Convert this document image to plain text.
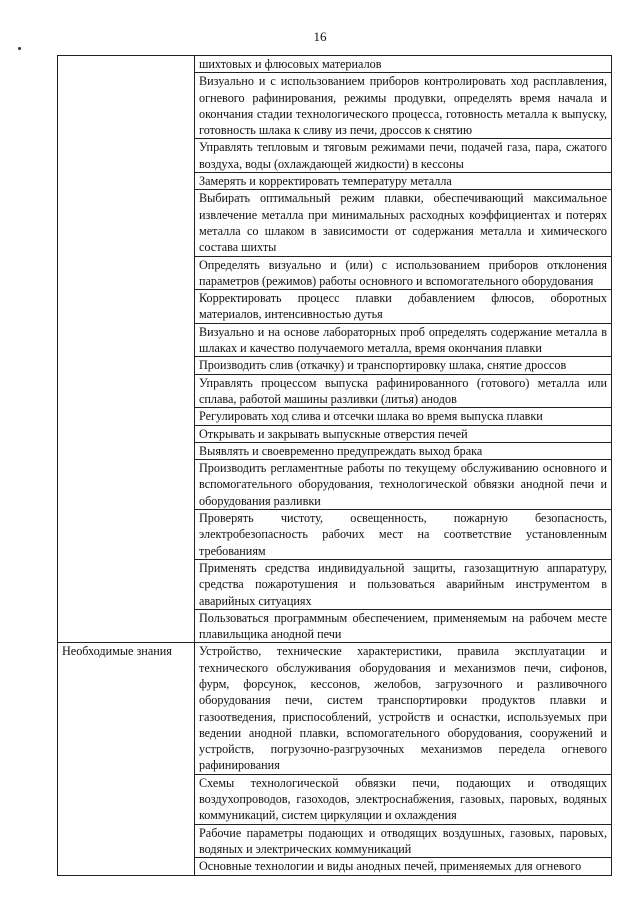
16
	шихтовых и флюсовых материалов
	Визуально и с использованием приборов контролировать ход расплавления, огневого рафинирования, режимы продувки, определять время начала и окончания стадии технологического процесса, готовность металла к выпуску, готовность шлака к сливу из печи, дроссов к снятию
	Управлять тепловым и тяговым режимами печи, подачей газа, пара, сжатого воздуха, воды (охлаждающей жидкости) в кессоны
	Замерять и корректировать температуру металла
	Выбирать оптимальный режим плавки, обеспечивающий максимальное извлечение металла при минимальных расходных коэффициентах и потерях металла со шлаком в зависимости от содержания металла и химического состава шихты
	Определять визуально и (или) с использованием приборов отклонения параметров (режимов) работы основного и вспомогательного оборудования
	Корректировать процесс плавки добавлением флюсов, оборотных материалов, интенсивностью дутья
	Визуально и на основе лабораторных проб определять содержание металла в шлаках и качество получаемого металла, время окончания плавки
	Производить слив (откачку) и транспортировку шлака, снятие дроссов
	Управлять процессом выпуска рафинированного (готового) металла или сплава, работой машины разливки (литья) анодов
	Регулировать ход слива и отсечки шлака во время выпуска плавки
	Открывать и закрывать выпускные отверстия печей
	Выявлять и своевременно предупреждать выход брака
	Производить регламентные работы по текущему обслуживанию основного и вспомогательного оборудования, технологической обвязки анодной печи и оборудования разливки
	Проверять чистоту, освещенность, пожарную безопасность, электробезопасность рабочих мест на соответствие установленным требованиям
	Применять средства индивидуальной защиты, газозащитную аппаратуру, средства пожаротушения и пользоваться аварийным инструментом в аварийных ситуациях
	Пользоваться программным обеспечением, применяемым на рабочем месте плавильщика анодной печи
Необходимые знания	Устройство, технические характеристики, правила эксплуатации и технического обслуживания оборудования и механизмов печи, сифонов, фурм, форсунок, кессонов, желобов, загрузочного и разливочного оборудования печи, систем транспортировки продуктов плавки и газоотведения, приспособлений, устройств и оснастки, используемых при ведении анодной плавки, вспомогательного оборудования, сооружений и устройств, погрузочно-разгрузочных механизмов передела огневого рафинирования
	Схемы технологической обвязки печи, подающих и отводящих воздухопроводов, газоходов, электроснабжения, газовых, паровых, водяных коммуникаций, систем циркуляции и охлаждения
	Рабочие параметры подающих и отводящих воздушных, газовых, паровых, водяных и электрических коммуникаций
	Основные технологии и виды анодных печей, применяемых для огневого
